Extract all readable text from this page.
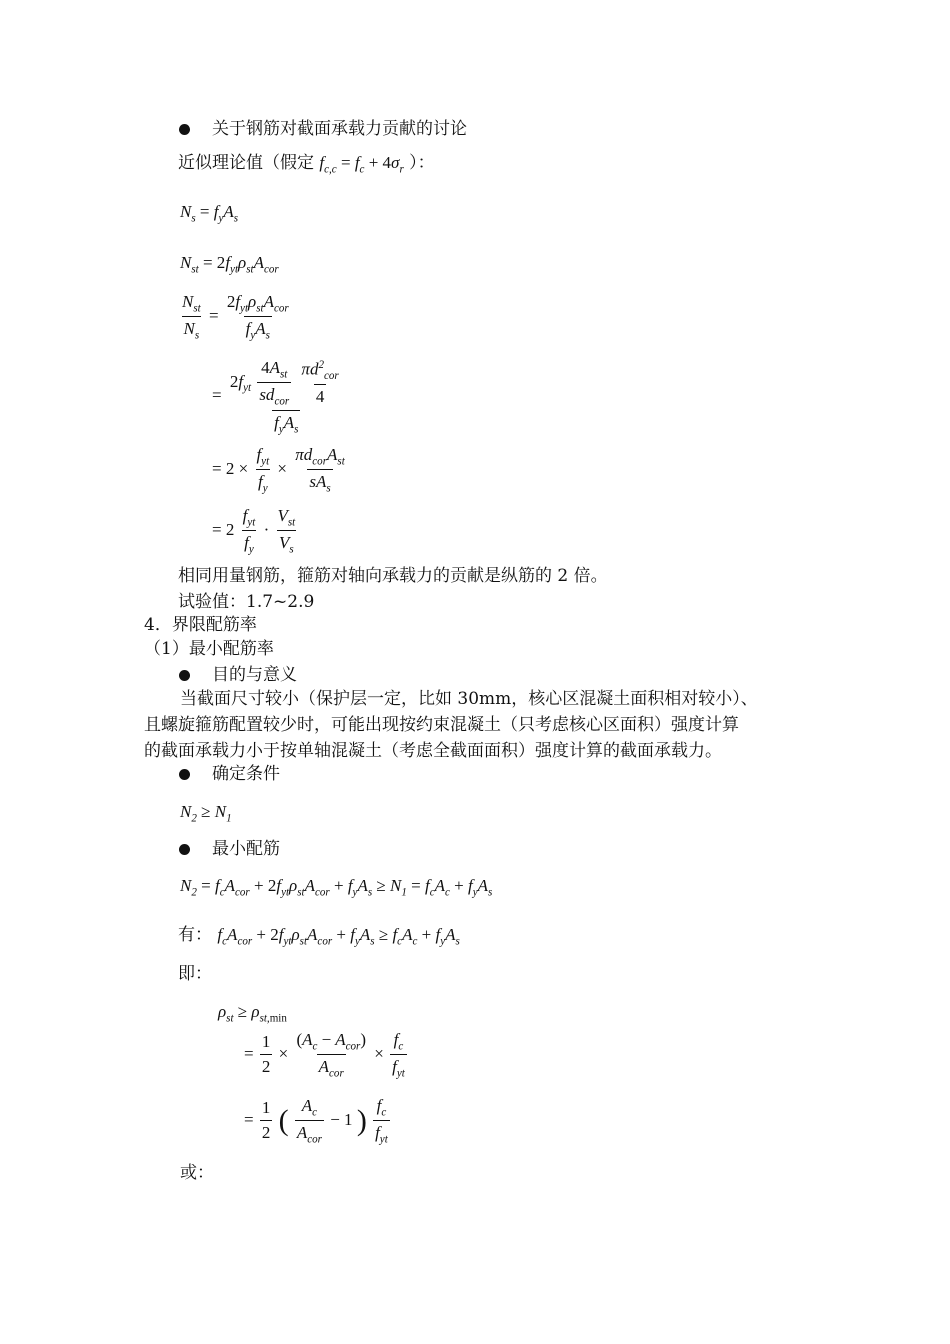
关于钢筋对截面承载力贡献的讨论
近似理论值（假定 $f_{c,c} = f_c + 4\sigma_r$ ）：
$N_s = f_yA_s$
$N_{st} = 2f_{yt}\rho_{st}A_{cor}$
$\frac{N_{st}}{N_s} = \frac{2f_{yt}\rho_{st}A_{cor}}{f_yA_s}$
= $2f_{yt} \frac{4A_{st}}{sd_{cor}}$
$\frac{\pi d^2_{cor}}{4}$
$f_yA_s$
= $2 \times \frac{f_{yt}}{f_y} \times \frac{\pi d_{cor}A_{st}}{sA_s}$
= $2 \frac{f_{yt}}{f_y} \cdot \frac{V_{st}}{V_s}$
相同用量钢筋，箍筋对轴向承载力的贡献是纵筋的 2 倍。
试验值：1.7~2.9
4．界限配筋率
（1）最小配筋率
目的与意义
当截面尺寸较小（保护层一定，比如 30mm，核心区混凝土面积相对较小）、
且螺旋箍筋配置较少时，可能出现按约束混凝土（只考虑核心区面积）强度计算
的截面承载力小于按单轴混凝土（考虑全截面面积）强度计算的截面承载力。
确定条件
$N_2 \ge N_1$
最小配筋
$N_2 = f_cA_{cor} + 2f_{yt}\rho_{st}A_{cor} + f_yA_s \ge N_1 = f_cA_c + f_yA_s$
有： $f_cA_{cor} + 2f_{yt}\rho_{st}A_{cor} + f_yA_s \ge f_cA_c + f_yA_s$
即：
$\rho_{st} \ge \rho_{st,min}$
= $\frac{1}{2} \times \frac{(A_c - A_{cor})}{A_{cor}} \times \frac{f_c}{f_{yt}}$
= $\frac{1}{2}$ ( $\frac{A_c}{A_{cor}} - 1$ ) $\frac{f_c}{f_{yt}}$
或：
